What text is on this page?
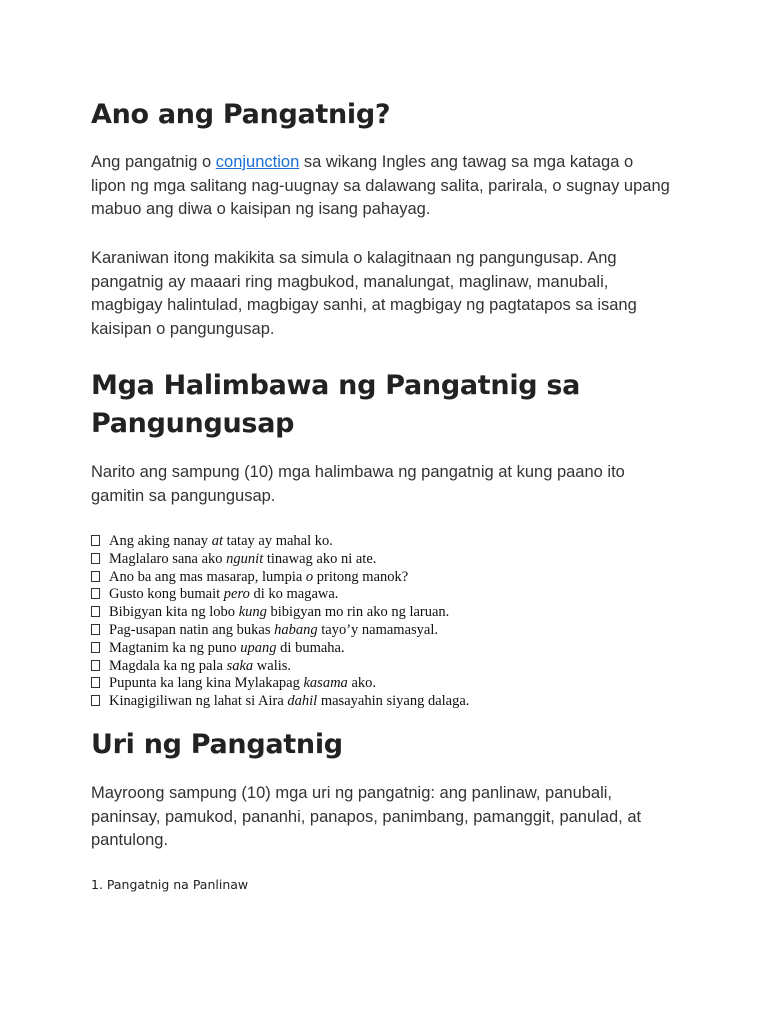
Ano ang Pangatnig?

Ang pangatnig o conjunction sa wikang Ingles ang tawag sa mga kataga o lipon ng mga salitang nag-uugnay sa dalawang salita, parirala, o sugnay upang mabuo ang diwa o kaisipan ng isang pahayag.

Karaniwan itong makikita sa simula o kalagitnaan ng pangungusap. Ang pangatnig ay maaari ring magbukod, manalungat, maglinaw, manubali, magbigay halintulad, magbigay sanhi, at magbigay ng pagtatapos sa isang kaisipan o pangungusap.

Mga Halimbawa ng Pangatnig sa Pangungusap

Narito ang sampung (10) mga halimbawa ng pangatnig at kung paano ito gamitin sa pangungusap.

Ang aking nanay at tatay ay mahal ko.
Maglalaro sana ako ngunit tinawag ako ni ate.
Ano ba ang mas masarap, lumpia o pritong manok?
Gusto kong bumait pero di ko magawa.
Bibigyan kita ng lobo kung bibigyan mo rin ako ng laruan.
Pag-usapan natin ang bukas habang tayo’y namamasyal.
Magtanim ka ng puno upang di bumaha.
Magdala ka ng pala saka walis.
Pupunta ka lang kina Mylakapag kasama ako.
Kinagigiliwan ng lahat si Aira dahil masayahin siyang dalaga.
Uri ng Pangatnig

Mayroong sampung (10) mga uri ng pangatnig: ang panlinaw, panubali, paninsay, pamukod, pananhi, panapos, panimbang, pamanggit, panulad, at pantulong.

1. Pangatnig na Panlinaw
